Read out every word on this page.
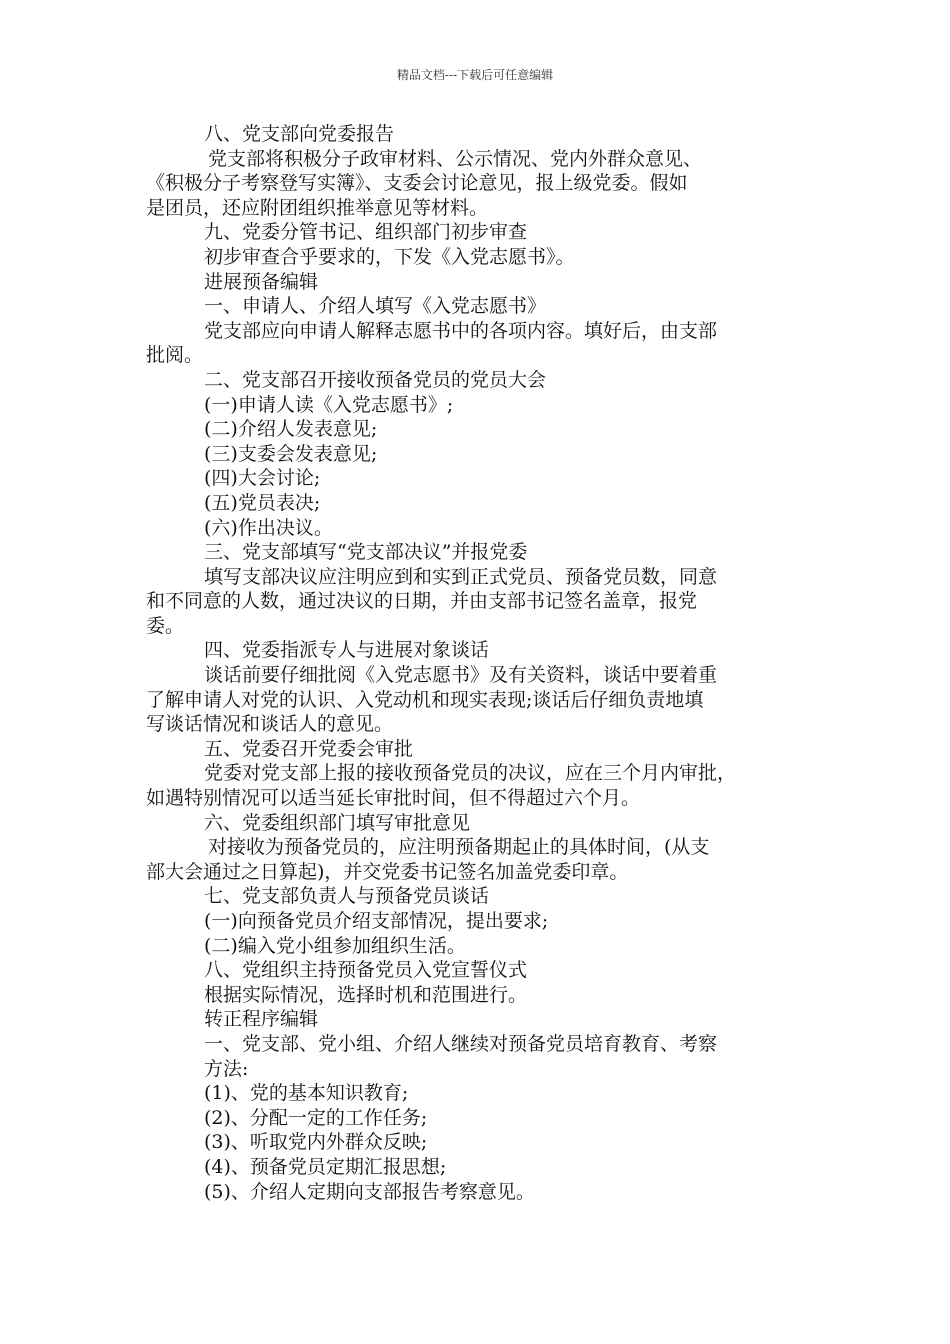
精品文档---下载后可任意编辑
八、党支部向党委报告
党支部将积极分子政审材料、公示情况、党内外群众意见、
《积极分子考察登写实簿》、支委会讨论意见，报上级党委。假如
是团员，还应附团组织推举意见等材料。
九、党委分管书记、组织部门初步审查
初步审查合乎要求的，下发《入党志愿书》。
进展预备编辑
一、申请人、介绍人填写《入党志愿书》
党支部应向申请人解释志愿书中的各项内容。填好后，由支部
批阅。
二、党支部召开接收预备党员的党员大会
(一)申请人读《入党志愿书》;
(二)介绍人发表意见;
(三)支委会发表意见;
(四)大会讨论;
(五)党员表决;
(六)作出决议。
三、党支部填写“党支部决议”并报党委
填写支部决议应注明应到和实到正式党员、预备党员数，同意
和不同意的人数，通过决议的日期，并由支部书记签名盖章，报党
委。
四、党委指派专人与进展对象谈话
谈话前要仔细批阅《入党志愿书》及有关资料，谈话中要着重
了解申请人对党的认识、入党动机和现实表现;谈话后仔细负责地填
写谈话情况和谈话人的意见。
五、党委召开党委会审批
党委对党支部上报的接收预备党员的决议，应在三个月内审批，
如遇特别情况可以适当延长审批时间，但不得超过六个月。
六、党委组织部门填写审批意见
对接收为预备党员的，应注明预备期起止的具体时间，(从支
部大会通过之日算起)，并交党委书记签名加盖党委印章。
七、党支部负责人与预备党员谈话
(一)向预备党员介绍支部情况，提出要求;
(二)编入党小组参加组织生活。
八、党组织主持预备党员入党宣誓仪式
根据实际情况，选择时机和范围进行。
转正程序编辑
一、党支部、党小组、介绍人继续对预备党员培育教育、考察
方法:
(1)、党的基本知识教育;
(2)、分配一定的工作任务;
(3)、听取党内外群众反映;
(4)、预备党员定期汇报思想;
(5)、介绍人定期向支部报告考察意见。
